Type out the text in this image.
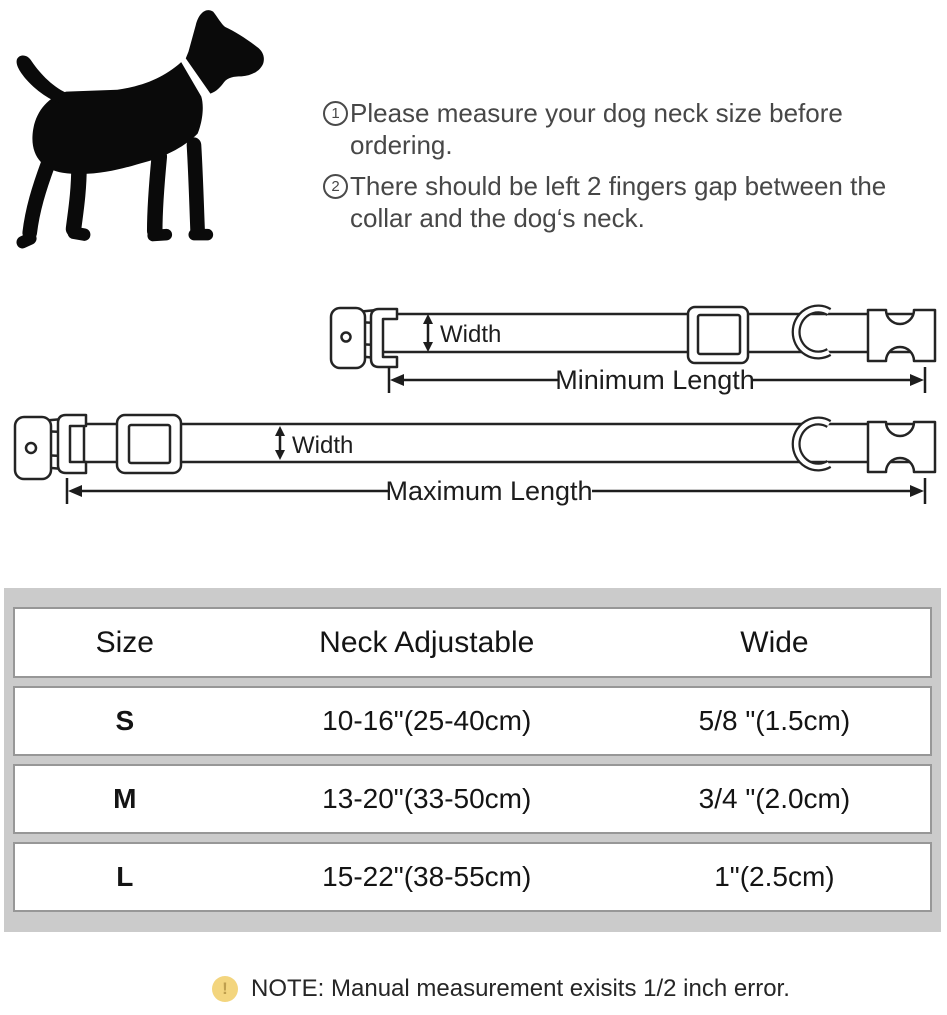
1 Please measure your dog neck size before ordering.
2 There should be left 2 fingers gap between the collar and the dog‘s neck.
Width
Minimum Length
Width
Maximum Length
Size	Neck Adjustable	Wide
S	10-16"(25-40cm)	5/8 "(1.5cm)
M	13-20"(33-50cm)	3/4 "(2.0cm)
L	15-22"(38-55cm)	1"(2.5cm)
! NOTE: Manual measurement exisits 1/2 inch error.
